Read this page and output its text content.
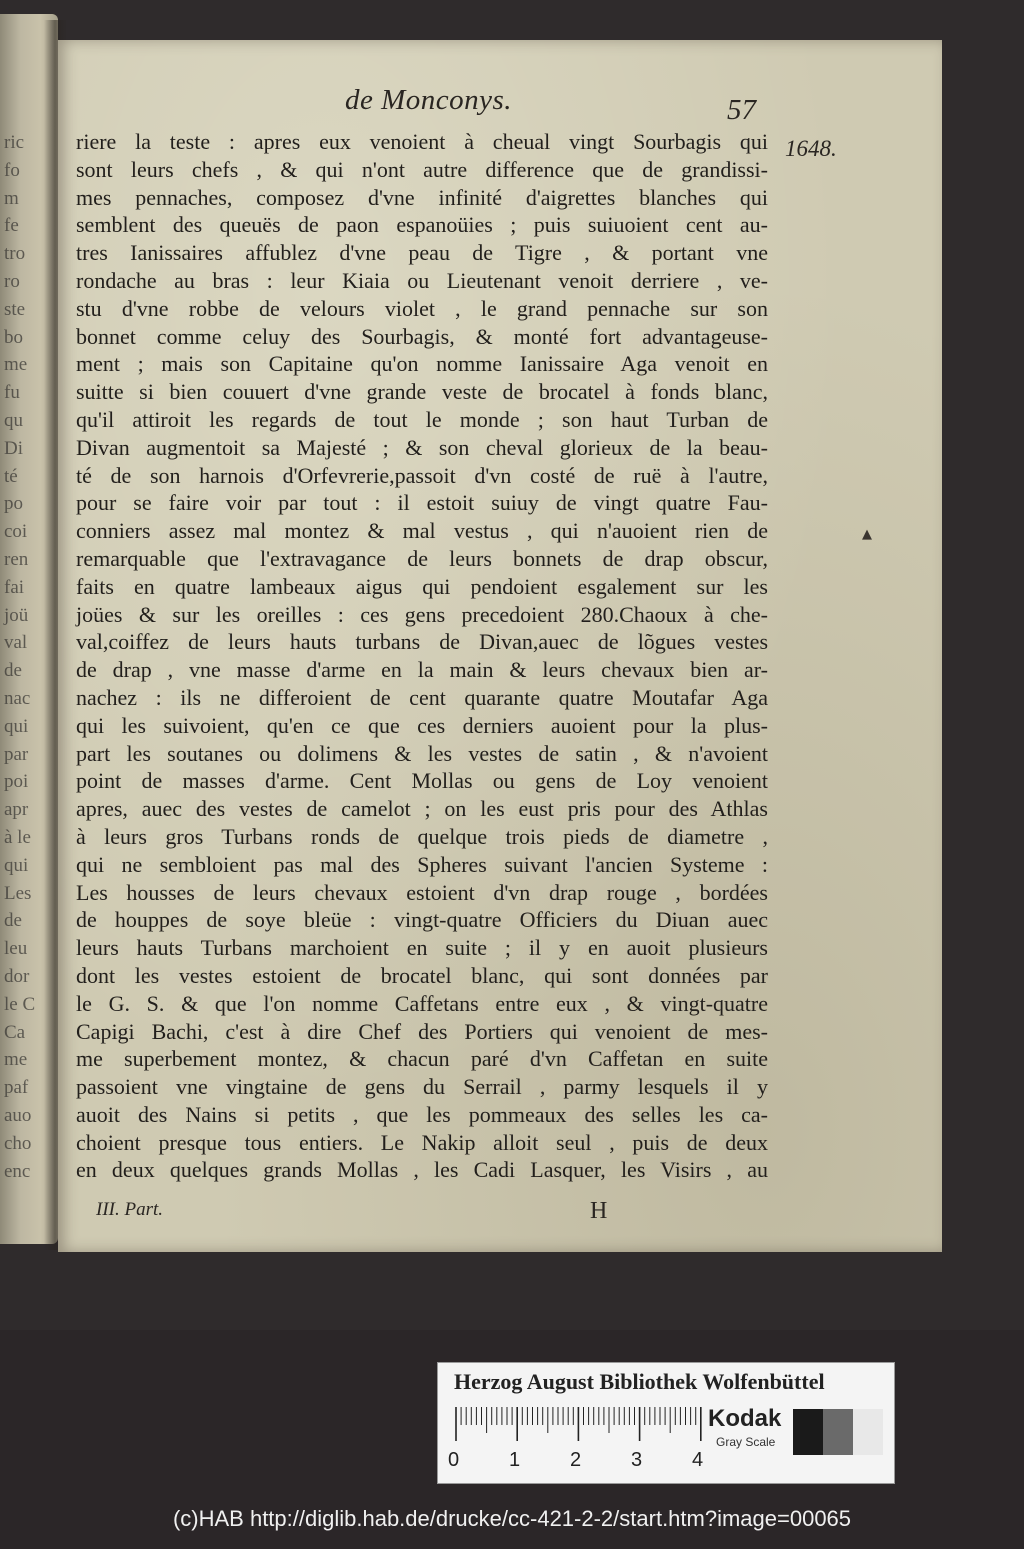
ric
fo
m
fe
tro
ro
ste
bo
me
fu
qu
Di
té
po
coi
ren
fai
joü
val
de
nac
qui
par
poi
apr
à le
qui
Les
de
leu
dor
le C
Ca
me
paf
auo
cho
enc
de Monconys.	57
1648.
riere la teste : apres eux venoient à cheual vingt Sourbagis qui
sont leurs chefs , & qui n'ont autre difference que de grandissi-
mes pennaches, composez d'vne infinité d'aigrettes blanches qui
semblent des queuës de paon espanoüies ; puis suiuoient cent au-
tres Ianissaires affublez d'vne peau de Tigre , & portant vne
rondache au bras : leur Kiaia ou Lieutenant venoit derriere , ve-
stu d'vne robbe de velours violet , le grand pennache sur son
bonnet comme celuy des Sourbagis, & monté fort advantageuse-
ment ; mais son Capitaine qu'on nomme Ianissaire Aga venoit en
suitte si bien couuert d'vne grande veste de brocatel à fonds blanc,
qu'il attiroit les regards de tout le monde ; son haut Turban de
Divan augmentoit sa Majesté ; & son cheval glorieux de la beau-
té de son harnois d'Orfevrerie,passoit d'vn costé de ruë à l'autre,
pour se faire voir par tout : il estoit suiuy de vingt quatre Fau-
conniers assez mal montez & mal vestus , qui n'auoient rien de
remarquable que l'extravagance de leurs bonnets de drap obscur,
faits en quatre lambeaux aigus qui pendoient esgalement sur les
joües & sur les oreilles : ces gens precedoient 280.Chaoux à che-
val,coiffez de leurs hauts turbans de Divan,auec de lõgues vestes
de drap , vne masse d'arme en la main & leurs chevaux bien ar-
nachez : ils ne differoient de cent quarante quatre Moutafar Aga
qui les suivoient, qu'en ce que ces derniers auoient pour la plus-
part les soutanes ou dolimens & les vestes de satin , & n'avoient
point de masses d'arme. Cent Mollas ou gens de Loy venoient
apres, auec des vestes de camelot ; on les eust pris pour des Athlas
à leurs gros Turbans ronds de quelque trois pieds de diametre ,
qui ne sembloient pas mal des Spheres suivant l'ancien Systeme :
Les housses de leurs chevaux estoient d'vn drap rouge , bordées
de houppes de soye bleüe : vingt-quatre Officiers du Diuan auec
leurs hauts Turbans marchoient en suite ; il y en auoit plusieurs
dont les vestes estoient de brocatel blanc, qui sont données par
le G. S. & que l'on nomme Caffetans entre eux , & vingt-quatre
Capigi Bachi, c'est à dire Chef des Portiers qui venoient de mes-
me superbement montez, & chacun paré d'vn Caffetan en suite
passoient vne vingtaine de gens du Serrail , parmy lesquels il y
auoit des Nains si petits , que les pommeaux des selles les ca-
choient presque tous entiers. Le Nakip alloit seul , puis de deux
en deux quelques grands Mollas , les Cadi Lasquer, les Visirs , au
▲
III. Part.	H
Herzog August Bibliothek Wolfenbüttel
0 1 2 3 4
Kodak
Gray Scale
(c)HAB http://diglib.hab.de/drucke/cc-421-2-2/start.htm?image=00065
